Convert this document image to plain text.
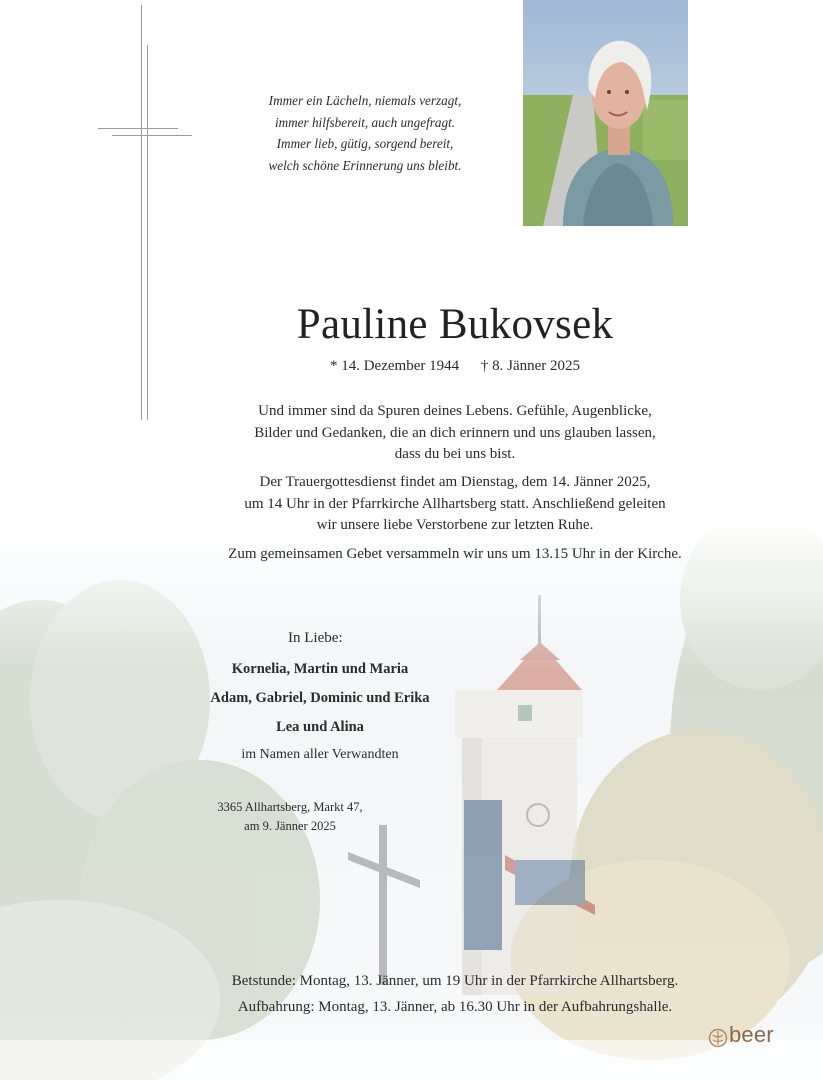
Immer ein Lächeln, niemals verzagt,
immer hilfsbereit, auch ungefragt.
Immer lieb, gütig, sorgend bereit,
welch schöne Erinnerung uns bleibt.
Pauline Bukovsek
* 14. Dezember 1944 † 8. Jänner 2025
Und immer sind da Spuren deines Lebens. Gefühle, Augenblicke,
Bilder und Gedanken, die an dich erinnern und uns glauben lassen,
dass du bei uns bist.
Der Trauergottesdienst findet am Dienstag, dem 14. Jänner 2025,
um 14 Uhr in der Pfarrkirche Allhartsberg statt. Anschließend geleiten
wir unsere liebe Verstorbene zur letzten Ruhe.
Zum gemeinsamen Gebet versammeln wir uns um 13.15 Uhr in der Kirche.
In Liebe:
Kornelia, Martin und Maria
Adam, Gabriel, Dominic und Erika
Lea und Alina
im Namen aller Verwandten
3365 Allhartsberg, Markt 47,
am 9. Jänner 2025
Betstunde: Montag, 13. Jänner, um 19 Uhr in der Pfarrkirche Allhartsberg.
Aufbahrung: Montag, 13. Jänner, ab 16.30 Uhr in der Aufbahrungshalle.
beer
